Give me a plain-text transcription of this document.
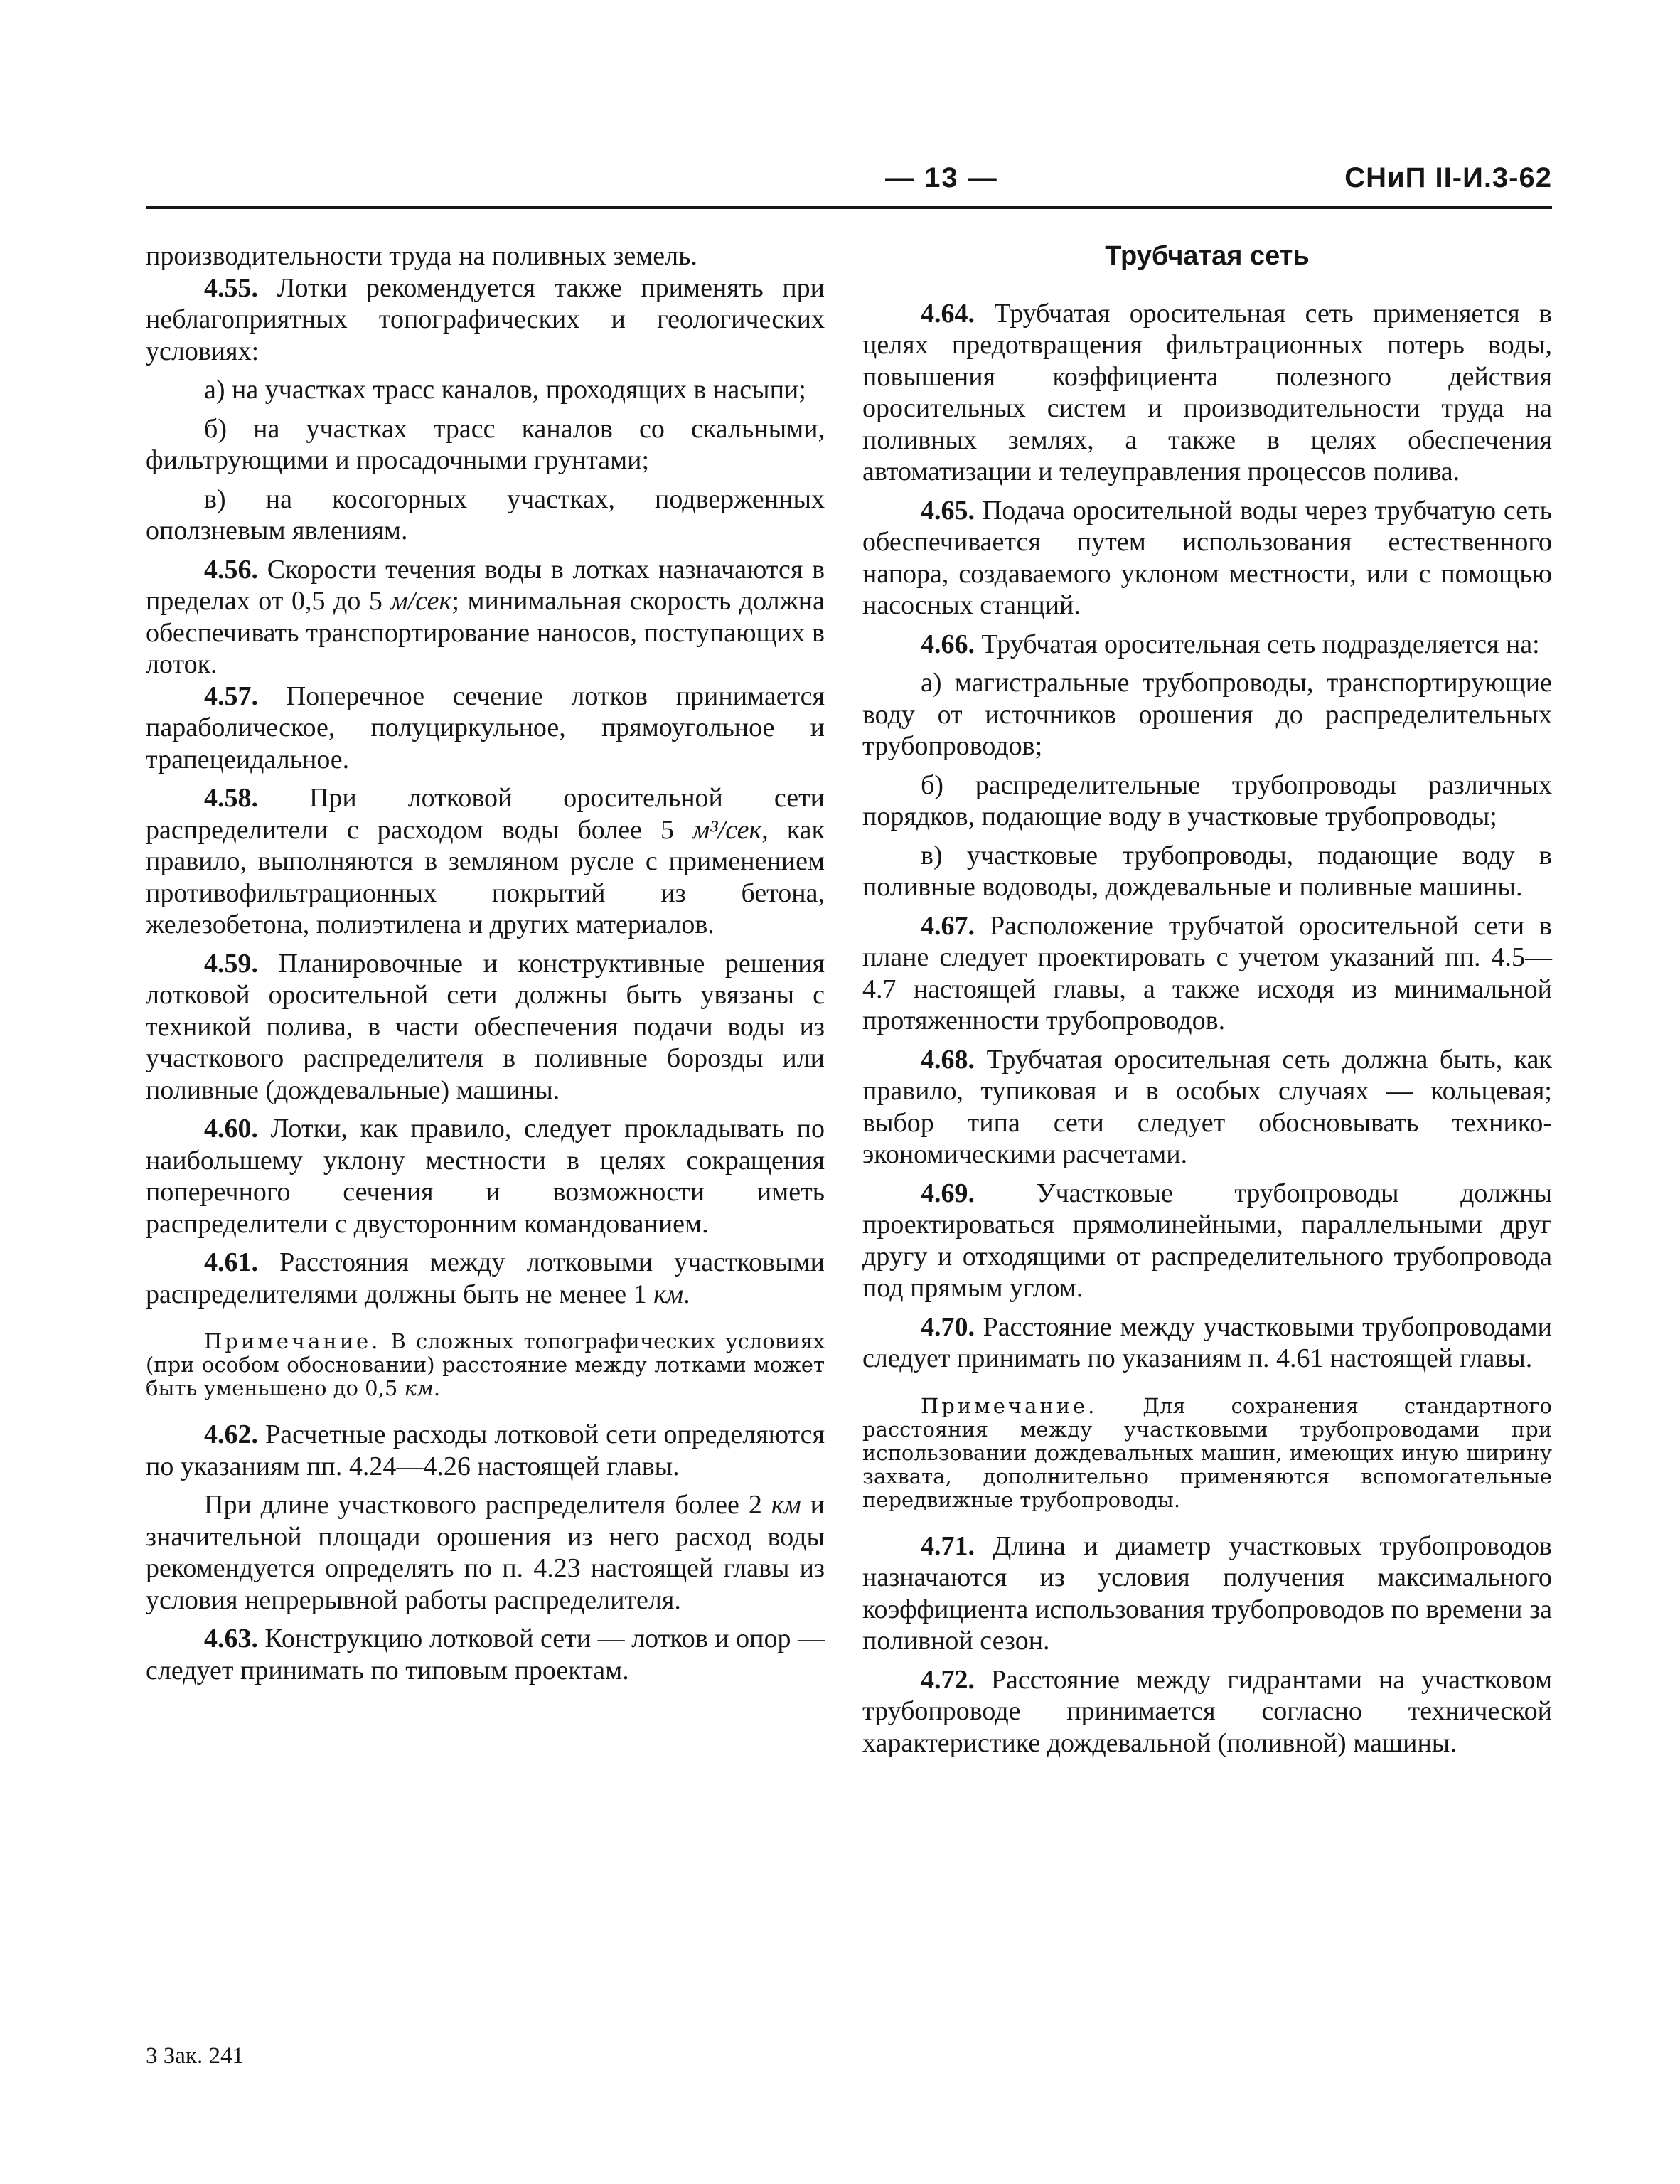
— 13 —	СНиП II-И.3-62

производительности труда на поливных земель.

4.55. Лотки рекомендуется также применять при неблагоприятных топографических и геологических условиях:

а) на участках трасс каналов, проходящих в насыпи;

б) на участках трасс каналов со скальными, фильтрующими и просадочными грунтами;

в) на косогорных участках, подверженных оползневым явлениям.

4.56. Скорости течения воды в лотках назначаются в пределах от 0,5 до 5 м/сек; минимальная скорость должна обеспечивать транспортирование наносов, поступающих в лоток.

4.57. Поперечное сечение лотков принимается параболическое, полуциркульное, прямоугольное и трапецеидальное.

4.58. При лотковой оросительной сети распределители с расходом воды более 5 м³/сек, как правило, выполняются в земляном русле с применением противофильтрационных покрытий из бетона, железобетона, полиэтилена и других материалов.

4.59. Планировочные и конструктивные решения лотковой оросительной сети должны быть увязаны с техникой полива, в части обеспечения подачи воды из участкового распределителя в поливные борозды или поливные (дождевальные) машины.

4.60. Лотки, как правило, следует прокладывать по наибольшему уклону местности в целях сокращения поперечного сечения и возможности иметь распределители с двусторонним командованием.

4.61. Расстояния между лотковыми участковыми распределителями должны быть не менее 1 км.

Примечание. В сложных топографических условиях (при особом обосновании) расстояние между лотками может быть уменьшено до 0,5 км.

4.62. Расчетные расходы лотковой сети определяются по указаниям пп. 4.24—4.26 настоящей главы.

При длине участкового распределителя более 2 км и значительной площади орошения из него расход воды рекомендуется определять по п. 4.23 настоящей главы из условия непрерывной работы распределителя.

4.63. Конструкцию лотковой сети — лотков и опор — следует принимать по типовым проектам.

Трубчатая сеть

4.64. Трубчатая оросительная сеть применяется в целях предотвращения фильтрационных потерь воды, повышения коэффициента полезного действия оросительных систем и производительности труда на поливных землях, а также в целях обеспечения автоматизации и телеуправления процессов полива.

4.65. Подача оросительной воды через трубчатую сеть обеспечивается путем использования естественного напора, создаваемого уклоном местности, или с помощью насосных станций.

4.66. Трубчатая оросительная сеть подразделяется на:

а) магистральные трубопроводы, транспортирующие воду от источников орошения до распределительных трубопроводов;

б) распределительные трубопроводы различных порядков, подающие воду в участковые трубопроводы;

в) участковые трубопроводы, подающие воду в поливные водоводы, дождевальные и поливные машины.

4.67. Расположение трубчатой оросительной сети в плане следует проектировать с учетом указаний пп. 4.5—4.7 настоящей главы, а также исходя из минимальной протяженности трубопроводов.

4.68. Трубчатая оросительная сеть должна быть, как правило, тупиковая и в особых случаях — кольцевая; выбор типа сети следует обосновывать технико-экономическими расчетами.

4.69. Участковые трубопроводы должны проектироваться прямолинейными, параллельными друг другу и отходящими от распределительного трубопровода под прямым углом.

4.70. Расстояние между участковыми трубопроводами следует принимать по указаниям п. 4.61 настоящей главы.

Примечание. Для сохранения стандартного расстояния между участковыми трубопроводами при использовании дождевальных машин, имеющих иную ширину захвата, дополнительно применяются вспомогательные передвижные трубопроводы.

4.71. Длина и диаметр участковых трубопроводов назначаются из условия получения максимального коэффициента использования трубопроводов по времени за поливной сезон.

4.72. Расстояние между гидрантами на участковом трубопроводе принимается согласно технической характеристике дождевальной (поливной) машины.

3 Зак. 241
